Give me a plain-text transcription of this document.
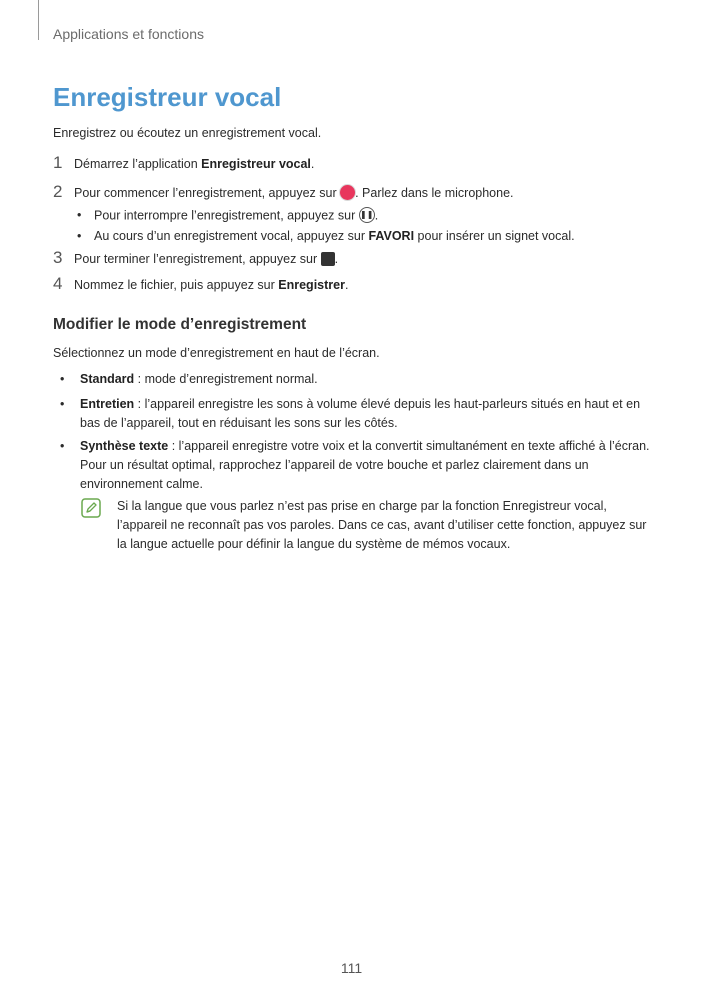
Applications et fonctions
Enregistreur vocal
Enregistrez ou écoutez un enregistrement vocal.
1 Démarrez l’application Enregistreur vocal.
2 Pour commencer l’enregistrement, appuyez sur . Parlez dans le microphone.
• Pour interrompre l’enregistrement, appuyez sur ❚❚.
• Au cours d’un enregistrement vocal, appuyez sur FAVORI pour insérer un signet vocal.
3 Pour terminer l’enregistrement, appuyez sur .
4 Nommez le fichier, puis appuyez sur Enregistrer.
Modifier le mode d’enregistrement
Sélectionnez un mode d’enregistrement en haut de l’écran.
• Standard : mode d’enregistrement normal.
• Entretien : l’appareil enregistre les sons à volume élevé depuis les haut-parleurs situés en haut et en bas de l’appareil, tout en réduisant les sons sur les côtés.
• Synthèse texte : l’appareil enregistre votre voix et la convertit simultanément en texte affiché à l’écran. Pour un résultat optimal, rapprochez l’appareil de votre bouche et parlez clairement dans un environnement calme.
Si la langue que vous parlez n’est pas prise en charge par la fonction Enregistreur vocal, l’appareil ne reconnaît pas vos paroles. Dans ce cas, avant d’utiliser cette fonction, appuyez sur la langue actuelle pour définir la langue du système de mémos vocaux.
111
